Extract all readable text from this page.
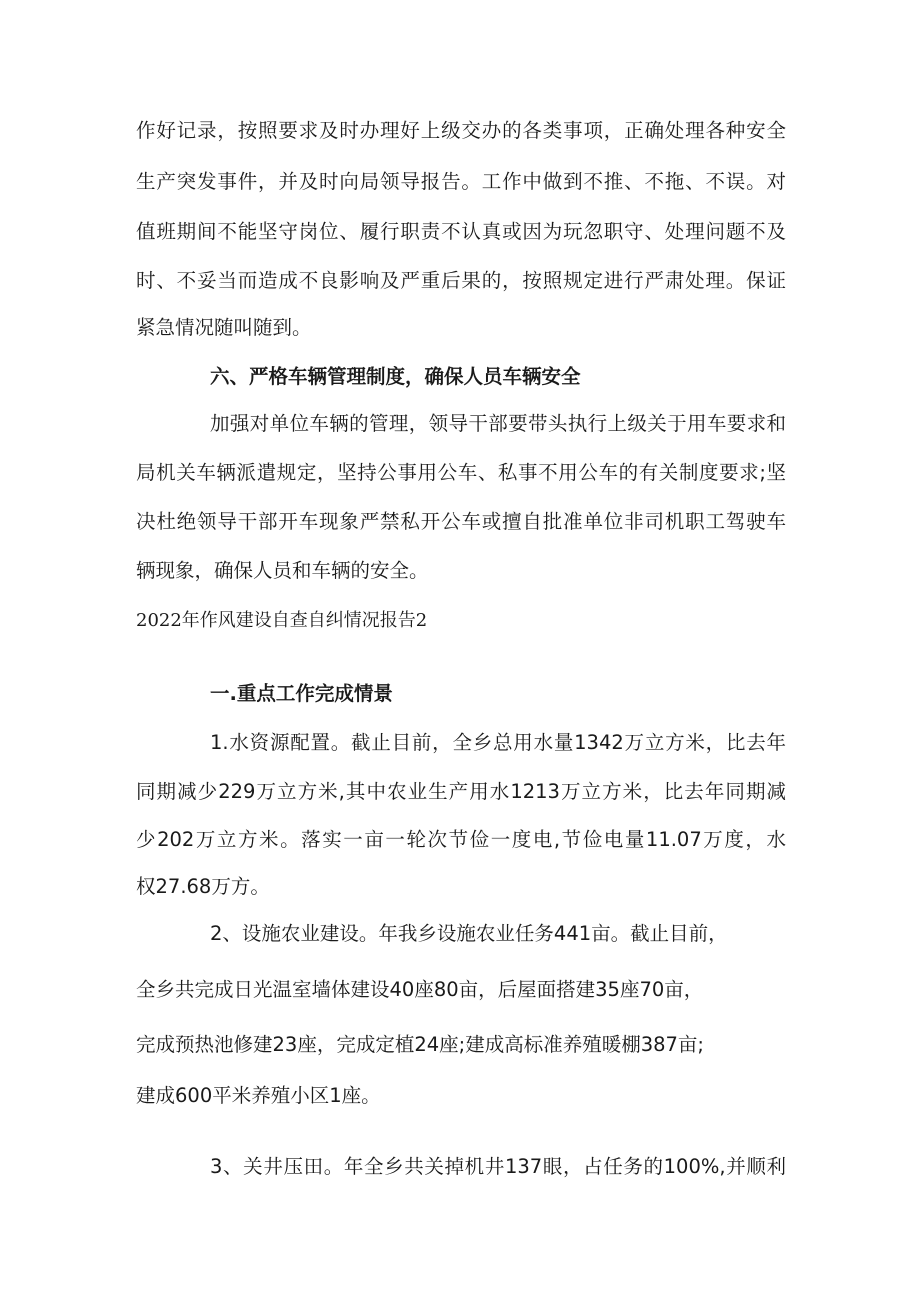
作好记录，按照要求及时办理好上级交办的各类事项，正确处理各种安全
生产突发事件，并及时向局领导报告。工作中做到不推、不拖、不误。对
值班期间不能坚守岗位、履行职责不认真或因为玩忽职守、处理问题不及
时、不妥当而造成不良影响及严重后果的，按照规定进行严肃处理。保证
紧急情况随叫随到。
六、严格车辆管理制度，确保人员车辆安全
加强对单位车辆的管理，领导干部要带头执行上级关于用车要求和
局机关车辆派遣规定，坚持公事用公车、私事不用公车的有关制度要求;坚
决杜绝领导干部开车现象严禁私开公车或擅自批准单位非司机职工驾驶车
辆现象，确保人员和车辆的安全。
2022年作风建设自查自纠情况报告2
一.重点工作完成情景
1.水资源配置。截止目前，全乡总用水量1342万立方米，比去年
同期减少229万立方米,其中农业生产用水1213万立方米，比去年同期减
少202万立方米。落实一亩一轮次节俭一度电,节俭电量11.07万度，水
权27.68万方。
2、设施农业建设。年我乡设施农业任务441亩。截止目前，
全乡共完成日光温室墙体建设40座80亩，后屋面搭建35座70亩，
完成预热池修建23座，完成定植24座;建成高标准养殖暖棚387亩;
建成600平米养殖小区1座。
3、关井压田。年全乡共关掉机井137眼，占任务的100%,并顺利
